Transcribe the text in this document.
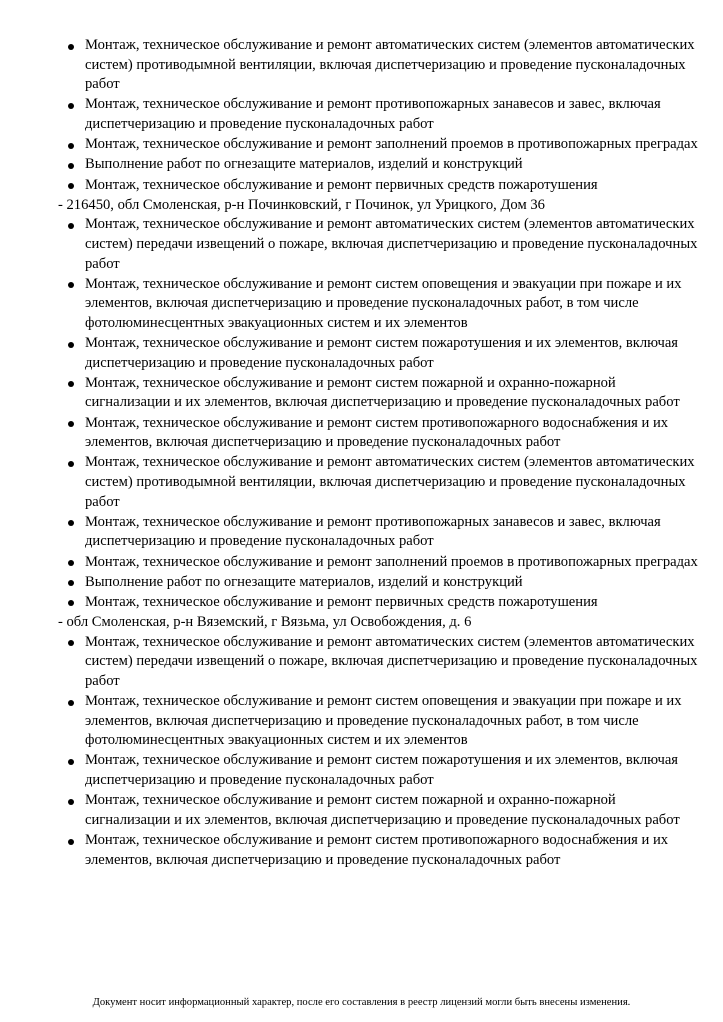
Монтаж, техническое обслуживание и ремонт автоматических систем (элементов автоматических систем) противодымной вентиляции, включая диспетчеризацию и проведение пусконаладочных работ
Монтаж, техническое обслуживание и ремонт противопожарных занавесов и завес, включая диспетчеризацию и проведение пусконаладочных работ
Монтаж, техническое обслуживание и ремонт заполнений проемов в противопожарных преградах
Выполнение работ по огнезащите материалов, изделий и конструкций
Монтаж, техническое обслуживание и ремонт первичных средств пожаротушения

- 216450, обл Смоленская, р-н Починковский, г Починок, ул Урицкого, Дом 36

Монтаж, техническое обслуживание и ремонт автоматических систем (элементов автоматических систем) передачи извещений о пожаре, включая диспетчеризацию и проведение пусконаладочных работ
Монтаж, техническое обслуживание и ремонт систем оповещения и эвакуации при пожаре и их элементов, включая диспетчеризацию и проведение пусконаладочных работ, в том числе фотолюминесцентных эвакуационных систем и их элементов
Монтаж, техническое обслуживание и ремонт систем пожаротушения и их элементов, включая диспетчеризацию и проведение пусконаладочных работ
Монтаж, техническое обслуживание и ремонт систем пожарной и охранно-пожарной сигнализации и их элементов, включая диспетчеризацию и проведение пусконаладочных работ
Монтаж, техническое обслуживание и ремонт систем противопожарного водоснабжения и их элементов, включая диспетчеризацию и проведение пусконаладочных работ
Монтаж, техническое обслуживание и ремонт автоматических систем (элементов автоматических систем) противодымной вентиляции, включая диспетчеризацию и проведение пусконаладочных работ
Монтаж, техническое обслуживание и ремонт противопожарных занавесов и завес, включая диспетчеризацию и проведение пусконаладочных работ
Монтаж, техническое обслуживание и ремонт заполнений проемов в противопожарных преградах
Выполнение работ по огнезащите материалов, изделий и конструкций
Монтаж, техническое обслуживание и ремонт первичных средств пожаротушения

- обл Смоленская, р-н Вяземский, г Вязьма, ул Освобождения, д. 6

Монтаж, техническое обслуживание и ремонт автоматических систем (элементов автоматических систем) передачи извещений о пожаре, включая диспетчеризацию и проведение пусконаладочных работ
Монтаж, техническое обслуживание и ремонт систем оповещения и эвакуации при пожаре и их элементов, включая диспетчеризацию и проведение пусконаладочных работ, в том числе фотолюминесцентных эвакуационных систем и их элементов
Монтаж, техническое обслуживание и ремонт систем пожаротушения и их элементов, включая диспетчеризацию и проведение пусконаладочных работ
Монтаж, техническое обслуживание и ремонт систем пожарной и охранно-пожарной сигнализации и их элементов, включая диспетчеризацию и проведение пусконаладочных работ
Монтаж, техническое обслуживание и ремонт систем противопожарного водоснабжения и их элементов, включая диспетчеризацию и проведение пусконаладочных работ
Документ носит информационный характер, после его составления в реестр лицензий могли быть внесены изменения.
